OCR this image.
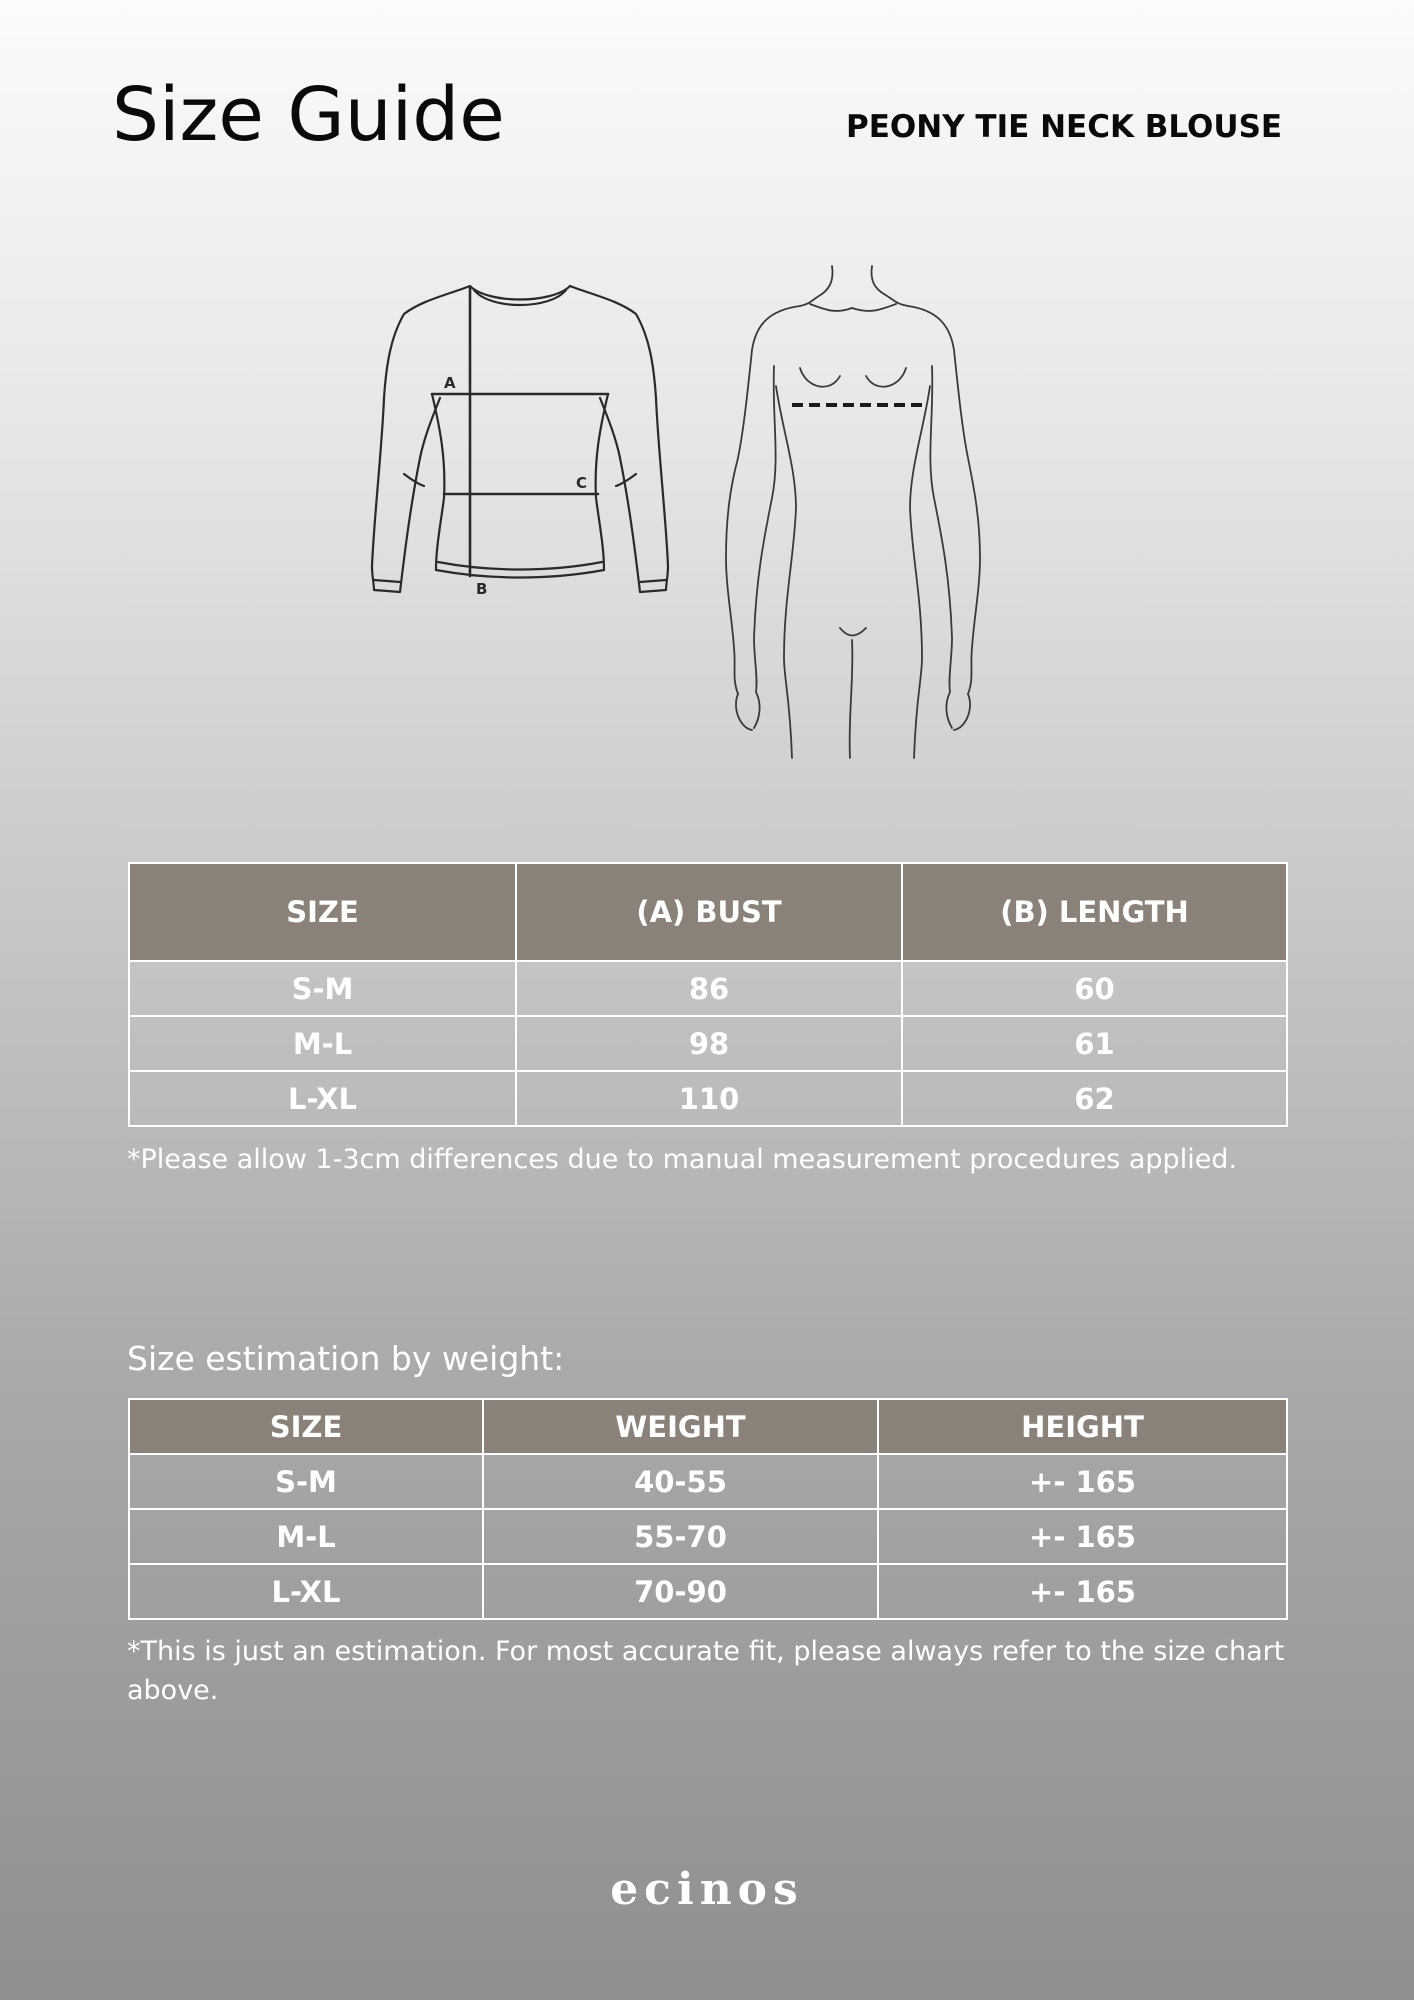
Size Guide	PEONY TIE NECK BLOUSE
A
B
C
SIZE	(A) BUST	(B) LENGTH
S-M	86	60
M-L	98	61
L-XL	110	62
*Please allow 1-3cm differences due to manual measurement procedures applied.
Size estimation by weight:
SIZE	WEIGHT	HEIGHT
S-M	40-55	+- 165
M-L	55-70	+- 165
L-XL	70-90	+- 165
*This is just an estimation. For most accurate fit, please always refer to the size chart above.
ecinos
